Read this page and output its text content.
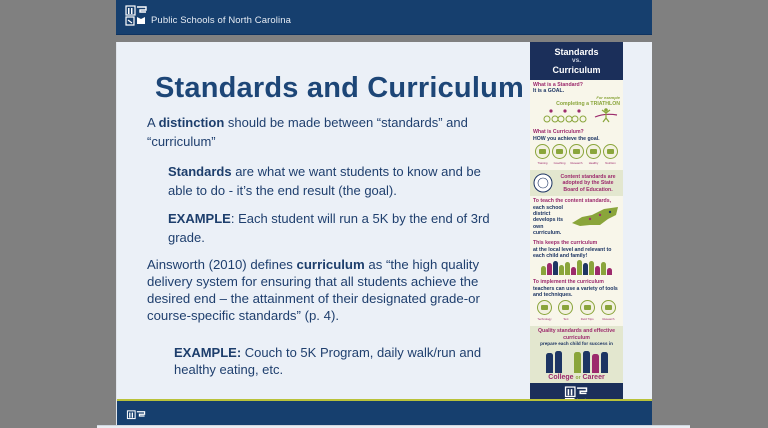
Public Schools of North Carolina
Standards and Curriculum
A distinction should be made between “standards” and “curriculum”
Standards are what we want students to know and be able to do - it’s the end result (the goal).
EXAMPLE: Each student will run a 5K by the end of 3rd grade.
Ainsworth (2010) defines curriculum as “the high quality delivery system for ensuring that all students achieve the desired end – the attainment of their designated grade-or course-specific standards” (p. 4).
EXAMPLE: Couch to 5K Program, daily walk/run and healthy eating, etc.
Standards
vs.
Curriculum
What is a Standard?
It is a GOAL.
For example
Completing a TRIATHLON
What is Curriculum?
HOW you achieve the goal.
Training	Coaching	Research	Healthy	Nutrition
Content standards are adopted by the State Board of Education.
To teach the content standards,
each school district develops its own curriculum.
This keeps the curriculum
at the local level and relevant to each child and family!
To implement the curriculum
teachers can use a variety of tools and techniques.
Technology	Text	Field Trips	Research
Quality standards and effective curriculum
prepare each child for success in
College or Career
